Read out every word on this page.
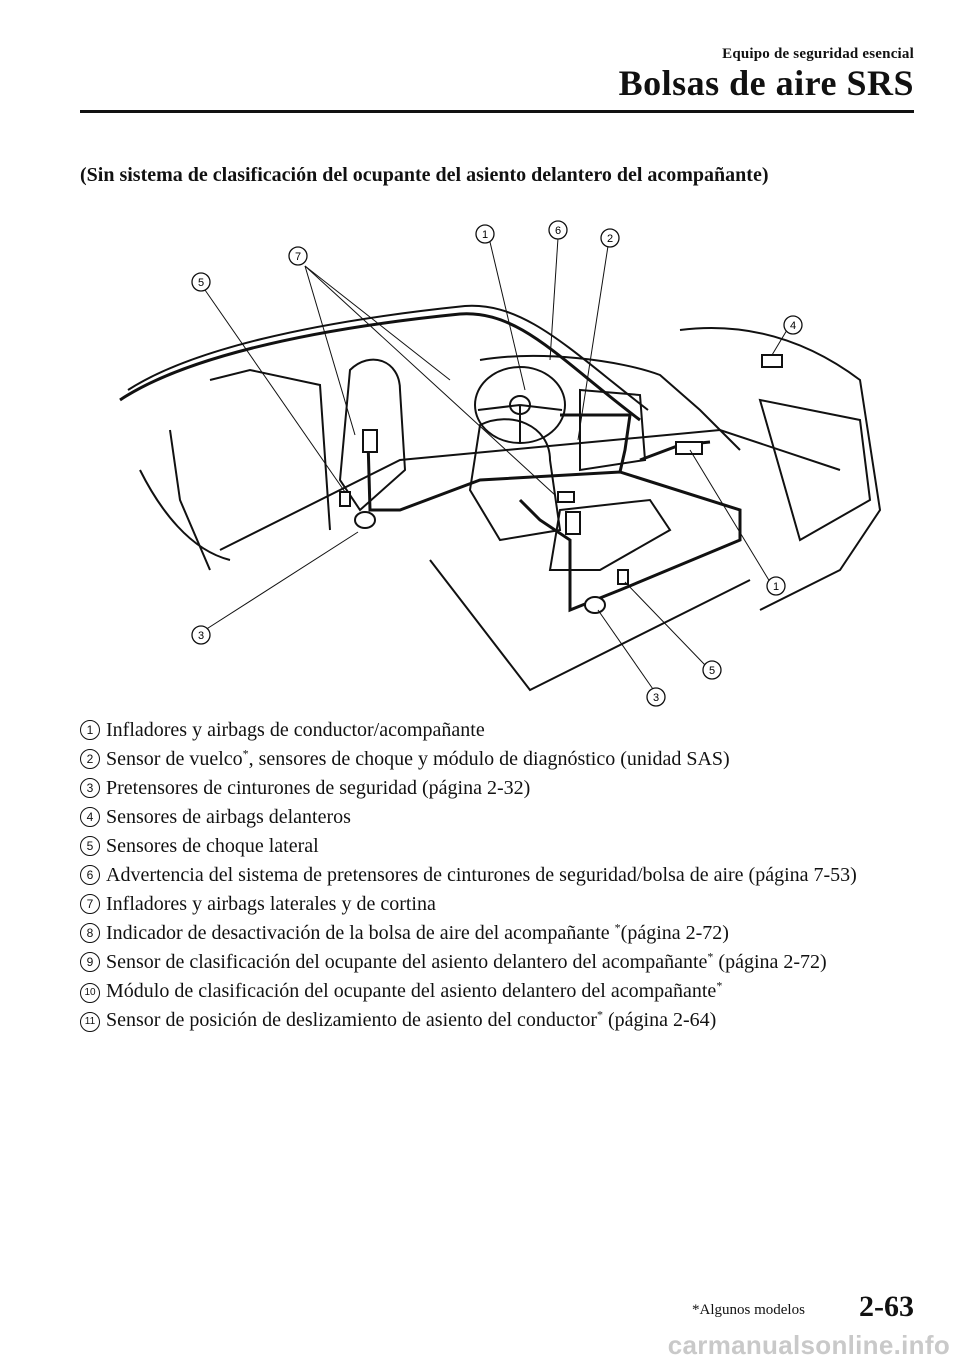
Equipo de seguridad esencial
Bolsas de aire SRS
(Sin sistema de clasificación del ocupante del asiento delantero del acompañante)
1	6
2
7
5
4
1
3
5
3

1 Infladores y airbags de conductor/acompañante

2 Sensor de vuelco*, sensores de choque y módulo de diagnóstico (unidad SAS)

3 Pretensores de cinturones de seguridad (página 2-32)

4 Sensores de airbags delanteros

5 Sensores de choque lateral

6 Advertencia del sistema de pretensores de cinturones de seguridad/bolsa de aire (página 7-53)

7 Infladores y airbags laterales y de cortina

8 Indicador de desactivación de la bolsa de aire del acompañante *(página 2-72)

9 Sensor de clasificación del ocupante del asiento delantero del acompañante* (página 2-72)

10 Módulo de clasificación del ocupante del asiento delantero del acompañante*

11 Sensor de posición de deslizamiento de asiento del conductor* (página 2-64)

*Algunos modelos 2-63
carmanualsonline.info
